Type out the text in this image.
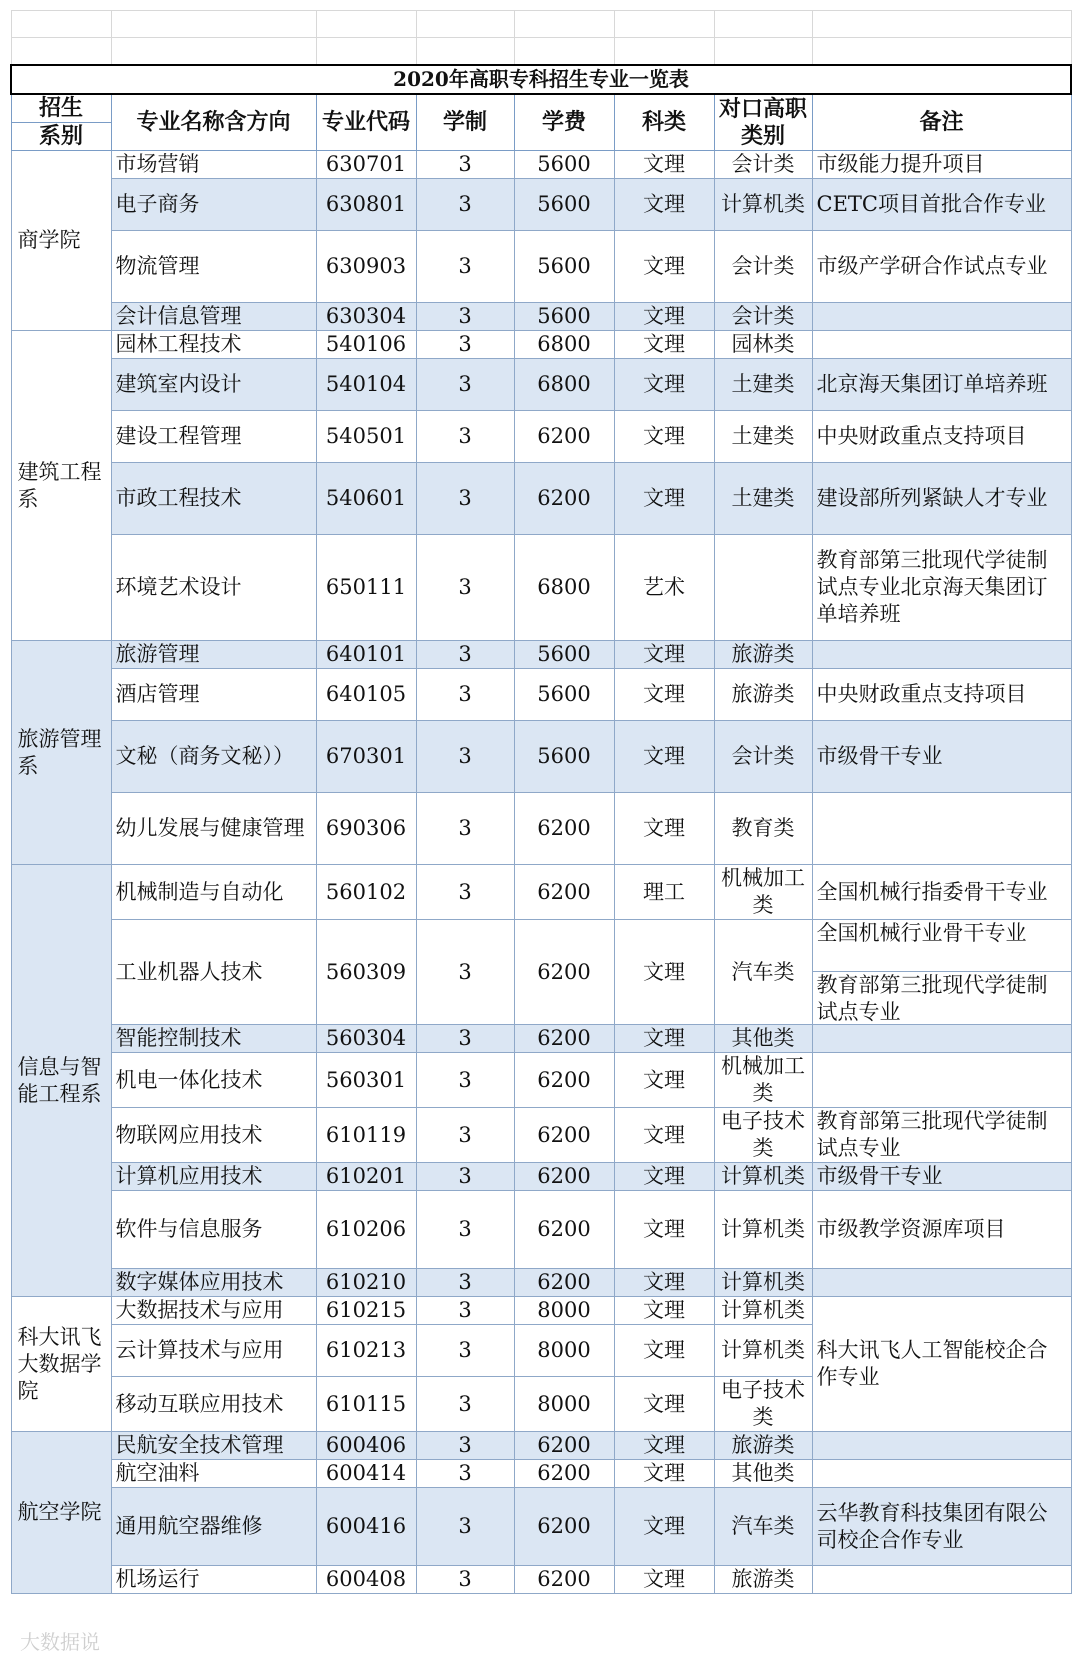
2020年高职专科招生专业一览表							
招生	专业名称含方向	专业代码	学制	学费	科类	对口高职类别	备注
系别							
商学院	市场营销	630701	3	5600	文理	会计类	市级能力提升项目
	电子商务	630801	3	5600	文理	计算机类	CETC项目首批合作专业
	物流管理	630903	3	5600	文理	会计类	市级产学研合作试点专业
	会计信息管理	630304	3	5600	文理	会计类	
建筑工程系	园林工程技术	540106	3	6800	文理	园林类	
	建筑室内设计	540104	3	6800	文理	土建类	北京海天集团订单培养班
	建设工程管理	540501	3	6200	文理	土建类	中央财政重点支持项目
	市政工程技术	540601	3	6200	文理	土建类	建设部所列紧缺人才专业
	环境艺术设计	650111	3	6800	艺术		教育部第三批现代学徒制试点专业北京海天集团订单培养班
旅游管理系	旅游管理	640101	3	5600	文理	旅游类	
	酒店管理	640105	3	5600	文理	旅游类	中央财政重点支持项目
	文秘（商务文秘））	670301	3	5600	文理	会计类	市级骨干专业
	幼儿发展与健康管理	690306	3	6200	文理	教育类	
信息与智能工程系	机械制造与自动化	560102	3	6200	理工	机械加工类	全国机械行指委骨干专业
	工业机器人技术	560309	3	6200	文理	汽车类	全国机械行业骨干专业
教育部第三批现代学徒制试点专业

	智能控制技术	560304	3	6200	文理	其他类	
	机电一体化技术	560301	3	6200	文理	机械加工类	
	物联网应用技术	610119	3	6200	文理	电子技术类	教育部第三批现代学徒制试点专业
	计算机应用技术	610201	3	6200	文理	计算机类	市级骨干专业
	软件与信息服务	610206	3	6200	文理	计算机类	市级教学资源库项目
	数字媒体应用技术	610210	3	6200	文理	计算机类	
科大讯飞大数据学院	大数据技术与应用	610215	3	8000	文理	计算机类	科大讯飞人工智能校企合作专业
	云计算技术与应用	610213	3	8000	文理	计算机类	
	移动互联应用技术	610115	3	8000	文理	电子技术类	
航空学院	民航安全技术管理	600406	3	6200	文理	旅游类	
	航空油料	600414	3	6200	文理	其他类	
	通用航空器维修	600416	3	6200	文理	汽车类	云华教育科技集团有限公司校企合作专业
	机场运行	600408	3	6200	文理	旅游类	
大数据说
